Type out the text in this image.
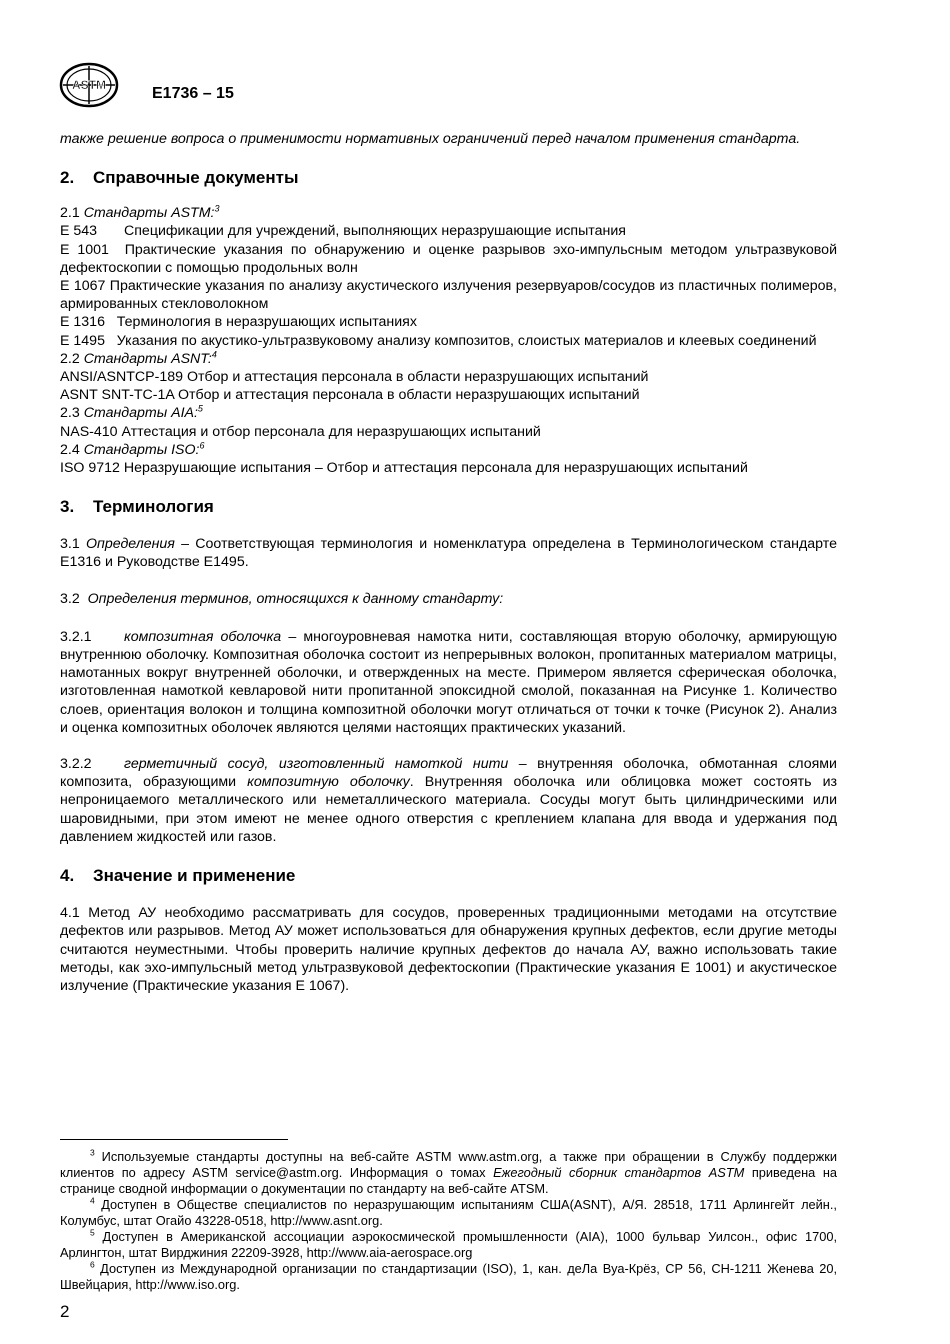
ASTM	E1736 – 15

также решение вопроса о применимости нормативных ограничений перед началом применения стандарта.

2. Справочные документы

2.1 Стандарты ASTM:$^3$

E 543 Спецификации для учреждений, выполняющих неразрушающие испытания

E 1001 Практические указания по обнаружению и оценке разрывов эхо-импульсным методом ультразвуковой дефектоскопии с помощью продольных волн

E 1067 Практические указания по анализу акустического излучения резервуаров/сосудов из пластичных полимеров, армированных стекловолокном

E 1316 Терминология в неразрушающих испытаниях

E 1495 Указания по акустико-ультразвуковому анализу композитов, слоистых материалов и клеевых соединений

2.2 Стандарты ASNT:$^4$

ANSI/ASNTCP-189 Отбор и аттестация персонала в области неразрушающих испытаний

ASNT SNT-TC-1A Отбор и аттестация персонала в области неразрушающих испытаний

2.3 Стандарты AIA:$^5$

NAS-410 Аттестация и отбор персонала для неразрушающих испытаний

2.4 Стандарты ISO:$^6$

ISO 9712 Неразрушающие испытания – Отбор и аттестация персонала для неразрушающих испытаний

3. Терминология

3.1 Определения – Соответствующая терминология и номенклатура определена в Терминологическом стандарте E1316 и Руководстве E1495.

3.2 Определения терминов, относящихся к данному стандарту:

3.2.1 композитная оболочка – многоуровневая намотка нити, составляющая вторую оболочку, армирующую внутреннюю оболочку. Композитная оболочка состоит из непрерывных волокон, пропитанных материалом матрицы, намотанных вокруг внутренней оболочки, и отвержденных на месте. Примером является сферическая оболочка, изготовленная намоткой кевларовой нити пропитанной эпоксидной смолой, показанная на Рисунке 1. Количество слоев, ориентация волокон и толщина композитной оболочки могут отличаться от точки к точке (Рисунок 2). Анализ и оценка композитных оболочек являются целями настоящих практических указаний.

3.2.2 герметичный сосуд, изготовленный намоткой нити – внутренняя оболочка, обмотанная слоями композита, образующими композитную оболочку. Внутренняя оболочка или облицовка может состоять из непроницаемого металлического или неметаллического материала. Сосуды могут быть цилиндрическими или шаровидными, при этом имеют не менее одного отверстия с креплением клапана для ввода и удержания под давлением жидкостей или газов.

4. Значение и применение

4.1 Метод АУ необходимо рассматривать для сосудов, проверенных традиционными методами на отсутствие дефектов или разрывов. Метод АУ может использоваться для обнаружения крупных дефектов, если другие методы считаются неуместными. Чтобы проверить наличие крупных дефектов до начала АУ, важно использовать такие методы, как эхо-импульсный метод ультразвуковой дефектоскопии (Практические указания E 1001) и акустическое излучение (Практические указания E 1067).

$^3$ Используемые стандарты доступны на веб-сайте ASTM www.astm.org, а также при обращении в Службу поддержки клиентов по адресу ASTM service@astm.org. Информация о томах Ежегодный сборник стандартов ASTM приведена на странице сводной информации о документации по стандарту на веб-сайте ATSM.

$^4$ Доступен в Обществе специалистов по неразрушающим испытаниям США(ASNT), А/Я. 28518, 1711 Арлингейт лейн., Колумбус, штат Огайо 43228-0518, http://www.asnt.org.

$^5$ Доступен в Американской ассоциации аэрокосмической промышленности (AIA), 1000 бульвар Уилсон., офис 1700, Арлингтон, штат Вирджиния 22209-3928, http://www.aia-aerospace.org

$^6$ Доступен из Международной организации по стандартизации (ISO), 1, кан. деЛа Вуа-Крёз, CP 56, CH-1211 Женева 20, Швейцария, http://www.iso.org.

2
